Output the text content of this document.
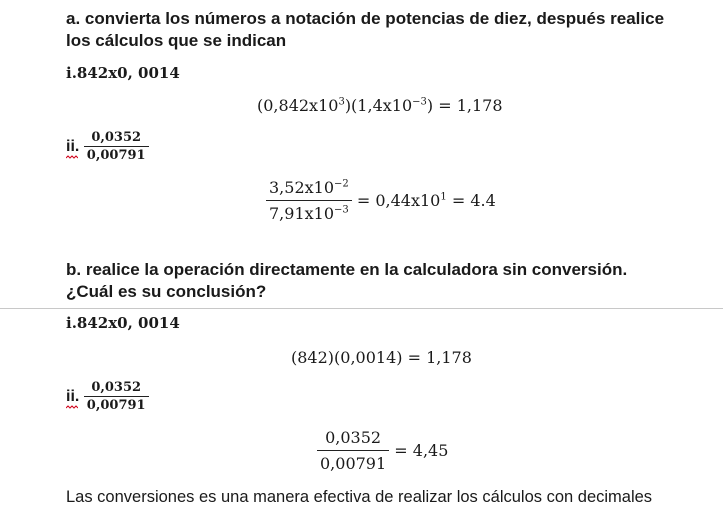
a. convierta los números a notación de potencias de diez, después realice
los cálculos que se indican
i.842x0, 0014
$(0,842x10^3)(1,4x10^{-3}) = 1,178$
ii. $\frac{0,0352}{0,00791}$
$\frac{3,52x10^{-2}}{7,91x10^{-3}} = 0,44x10^1 = 4.4$
b. realice la operación directamente en la calculadora sin conversión.
¿Cuál es su conclusión?
i.842x0, 0014
(842)(0,0014) = 1,178
ii. $\frac{0,0352}{0,00791}$
$\frac{0,0352}{0,00791} = 4,45$
Las conversiones es una manera efectiva de realizar los cálculos con decimales
